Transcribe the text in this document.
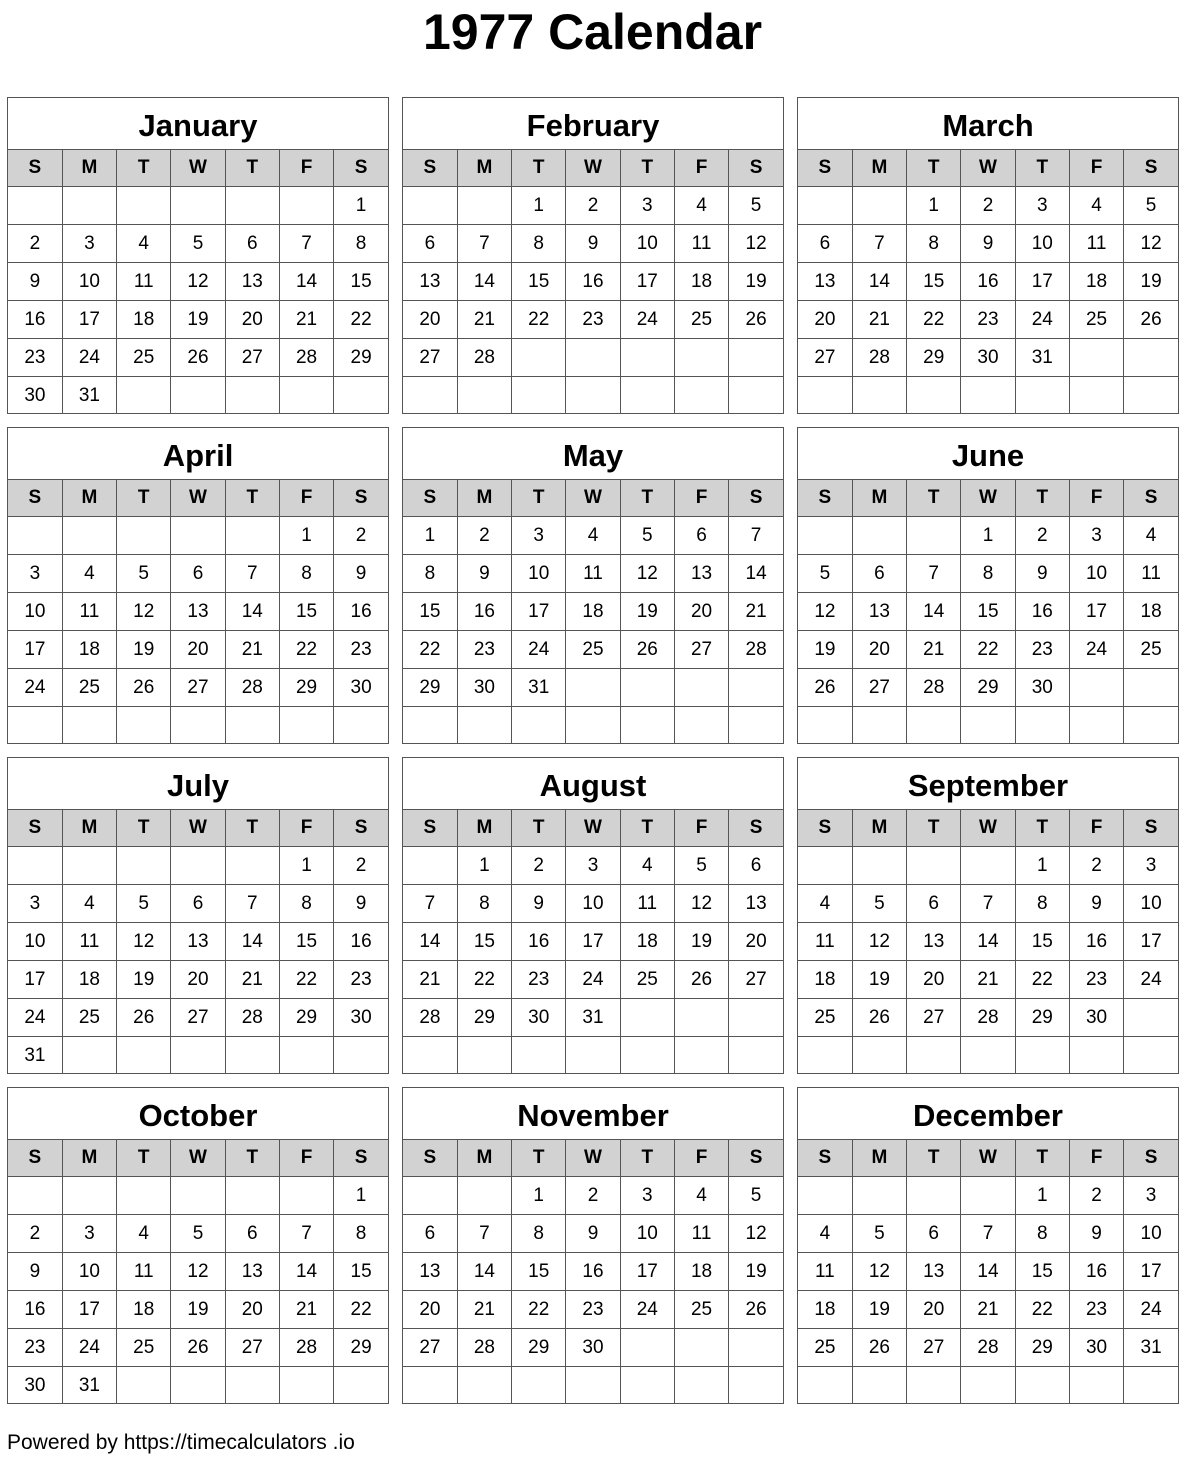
1977 Calendar
January
S	M	T	W	T	F	S
						1
2	3	4	5	6	7	8
9	10	11	12	13	14	15
16	17	18	19	20	21	22
23	24	25	26	27	28	29
30	31					
February
S	M	T	W	T	F	S
		1	2	3	4	5
6	7	8	9	10	11	12
13	14	15	16	17	18	19
20	21	22	23	24	25	26
27	28					

March
S	M	T	W	T	F	S
		1	2	3	4	5
6	7	8	9	10	11	12
13	14	15	16	17	18	19
20	21	22	23	24	25	26
27	28	29	30	31		

April
S	M	T	W	T	F	S
					1	2
3	4	5	6	7	8	9
10	11	12	13	14	15	16
17	18	19	20	21	22	23
24	25	26	27	28	29	30

May
S	M	T	W	T	F	S
1	2	3	4	5	6	7
8	9	10	11	12	13	14
15	16	17	18	19	20	21
22	23	24	25	26	27	28
29	30	31				

June
S	M	T	W	T	F	S
			1	2	3	4
5	6	7	8	9	10	11
12	13	14	15	16	17	18
19	20	21	22	23	24	25
26	27	28	29	30		

July
S	M	T	W	T	F	S
					1	2
3	4	5	6	7	8	9
10	11	12	13	14	15	16
17	18	19	20	21	22	23
24	25	26	27	28	29	30
31						
August
S	M	T	W	T	F	S
	1	2	3	4	5	6
7	8	9	10	11	12	13
14	15	16	17	18	19	20
21	22	23	24	25	26	27
28	29	30	31			

September
S	M	T	W	T	F	S
				1	2	3
4	5	6	7	8	9	10
11	12	13	14	15	16	17
18	19	20	21	22	23	24
25	26	27	28	29	30	

October
S	M	T	W	T	F	S
						1
2	3	4	5	6	7	8
9	10	11	12	13	14	15
16	17	18	19	20	21	22
23	24	25	26	27	28	29
30	31					
November
S	M	T	W	T	F	S
		1	2	3	4	5
6	7	8	9	10	11	12
13	14	15	16	17	18	19
20	21	22	23	24	25	26
27	28	29	30			

December
S	M	T	W	T	F	S
				1	2	3
4	5	6	7	8	9	10
11	12	13	14	15	16	17
18	19	20	21	22	23	24
25	26	27	28	29	30	31

Powered by https://timecalculators .io
